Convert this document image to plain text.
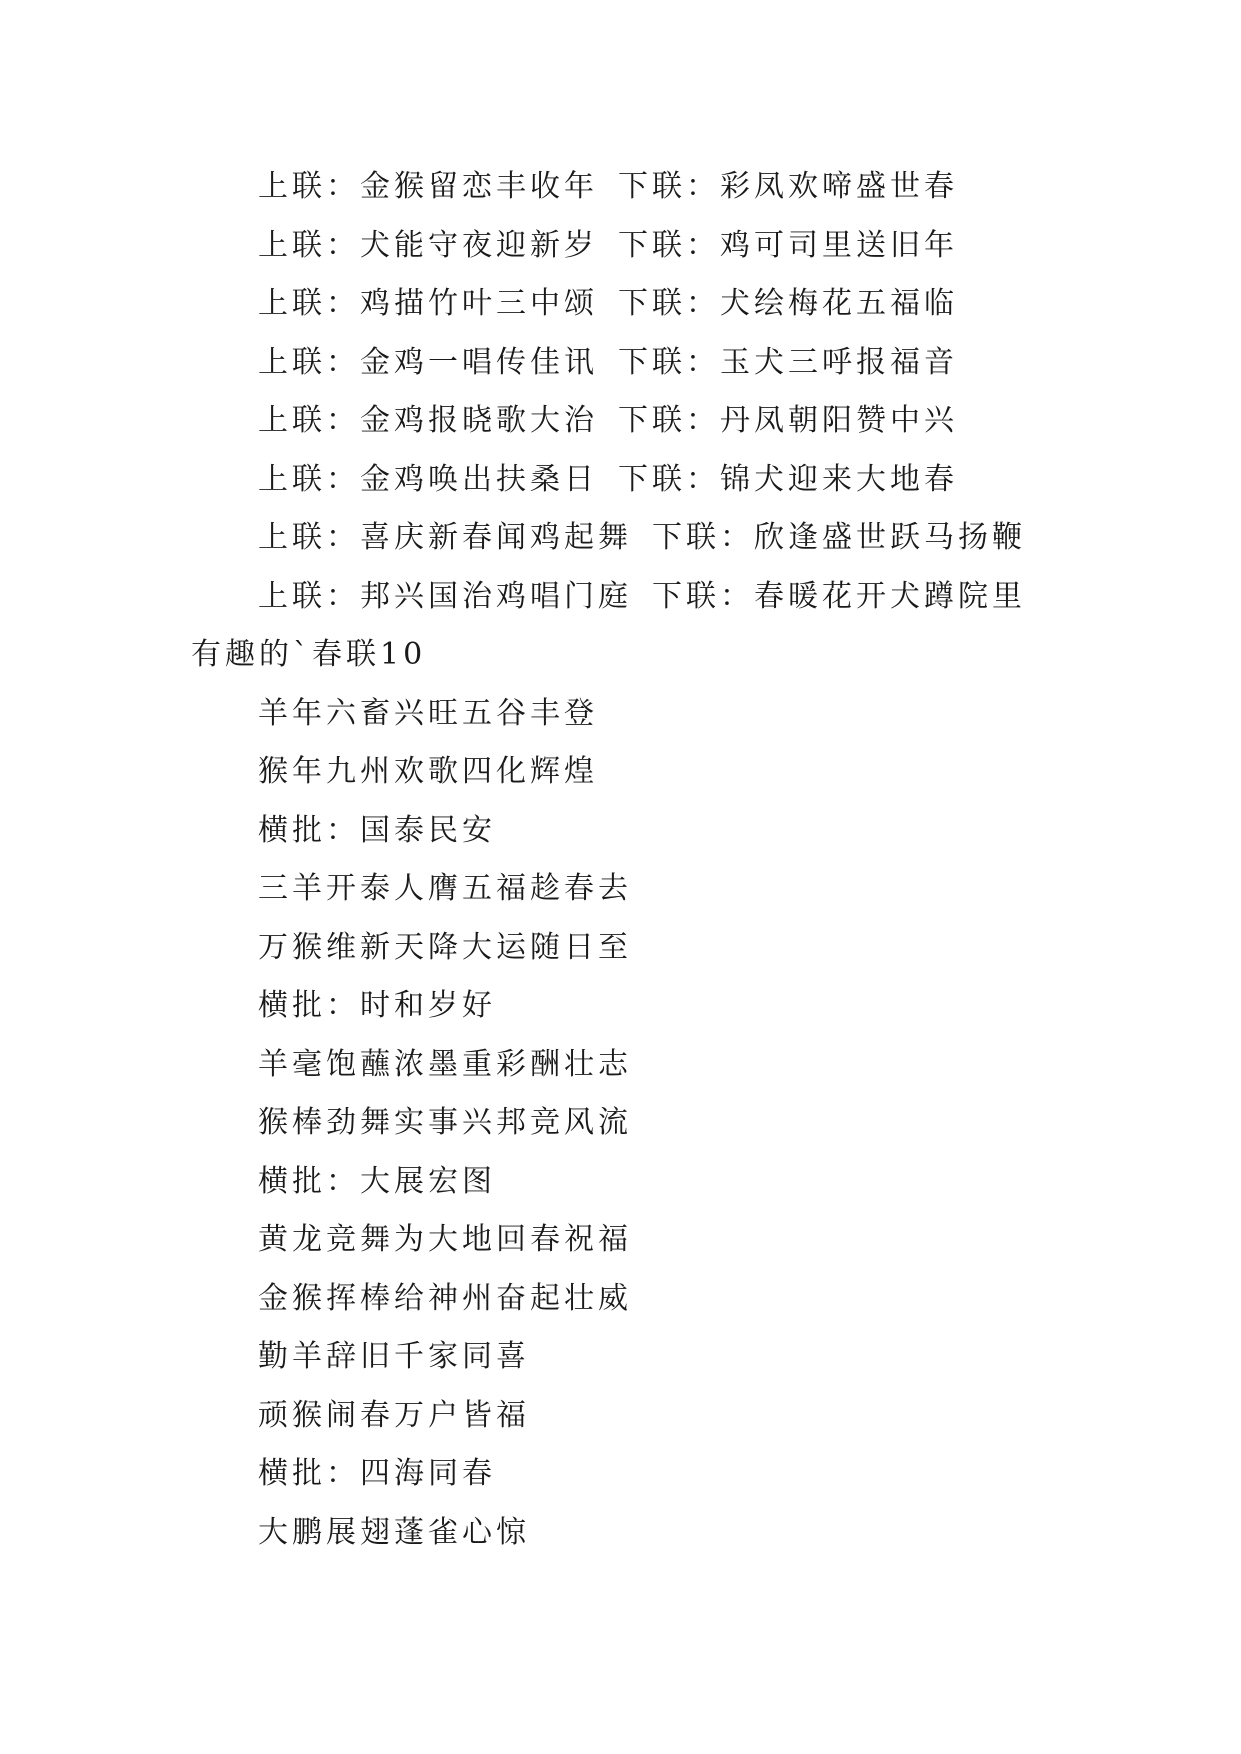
上联：金猴留恋丰收年 下联：彩凤欢啼盛世春
上联：犬能守夜迎新岁 下联：鸡可司里送旧年
上联：鸡描竹叶三中颂 下联：犬绘梅花五福临
上联：金鸡一唱传佳讯 下联：玉犬三呼报福音
上联：金鸡报晓歌大治 下联：丹凤朝阳赞中兴
上联：金鸡唤出扶桑日 下联：锦犬迎来大地春
上联：喜庆新春闻鸡起舞 下联：欣逢盛世跃马扬鞭
上联：邦兴国治鸡唱门庭 下联：春暖花开犬蹲院里
有趣的`春联10
羊年六畜兴旺五谷丰登
猴年九州欢歌四化辉煌
横批：国泰民安
三羊开泰人膺五福趁春去
万猴维新天降大运随日至
横批：时和岁好
羊毫饱蘸浓墨重彩酬壮志
猴棒劲舞实事兴邦竞风流
横批：大展宏图
黄龙竞舞为大地回春祝福
金猴挥棒给神州奋起壮威
勤羊辞旧千家同喜
顽猴闹春万户皆福
横批：四海同春
大鹏展翅蓬雀心惊
